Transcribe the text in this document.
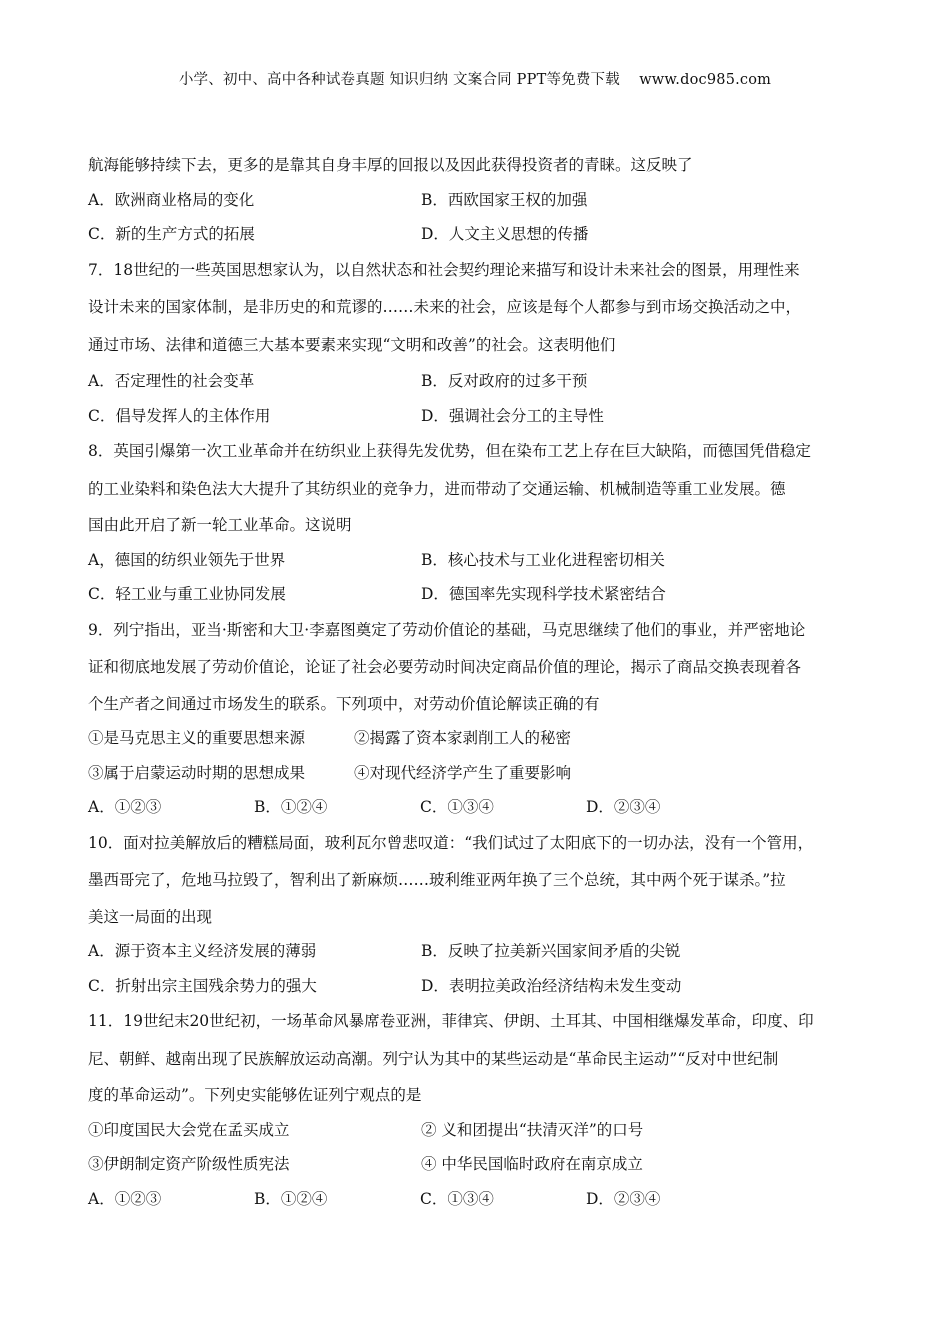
小学、初中、高中各种试卷真题 知识归纳 文案合同 PPT等免费下载    www.doc985.com
航海能够持续下去，更多的是靠其自身丰厚的回报以及因此获得投资者的青睐。这反映了
A．欧洲商业格局的变化	B．西欧国家王权的加强
C．新的生产方式的拓展	D．人文主义思想的传播
7．18世纪的一些英国思想家认为，以自然状态和社会契约理论来描写和设计未来社会的图景，用理性来
设计未来的国家体制，是非历史的和荒谬的……未来的社会，应该是每个人都参与到市场交换活动之中，
通过市场、法律和道德三大基本要素来实现“文明和改善”的社会。这表明他们
A．否定理性的社会变革	B．反对政府的过多干预
C．倡导发挥人的主体作用	D．强调社会分工的主导性
8．英国引爆第一次工业革命并在纺织业上获得先发优势，但在染布工艺上存在巨大缺陷，而德国凭借稳定
的工业染料和染色法大大提升了其纺织业的竞争力，进而带动了交通运输、机械制造等重工业发展。德
国由此开启了新一轮工业革命。这说明
A，德国的纺织业领先于世界	B．核心技术与工业化进程密切相关
C．轻工业与重工业协同发展	D．德国率先实现科学技术紧密结合
9．列宁指出，亚当·斯密和大卫·李嘉图奠定了劳动价值论的基础，马克思继续了他们的事业，并严密地论
证和彻底地发展了劳动价值论，论证了社会必要劳动时间决定商品价值的理论，揭示了商品交换表现着各
个生产者之间通过市场发生的联系。下列项中，对劳动价值论解读正确的有
①是马克思主义的重要思想来源	②揭露了资本家剥削工人的秘密
③属于启蒙运动时期的思想成果	④对现代经济学产生了重要影响
A．①②③	B．①②④	C．①③④	D．②③④
10．面对拉美解放后的糟糕局面，玻利瓦尔曾悲叹道：“我们试过了太阳底下的一切办法，没有一个管用，
墨西哥完了，危地马拉毁了，智利出了新麻烦……玻利维亚两年换了三个总统，其中两个死于谋杀。”拉
美这一局面的出现
A．源于资本主义经济发展的薄弱	B．反映了拉美新兴国家间矛盾的尖锐
C．折射出宗主国残余势力的强大	D．表明拉美政治经济结构未发生变动
11．19世纪末20世纪初，一场革命风暴席卷亚洲，菲律宾、伊朗、土耳其、中国相继爆发革命，印度、印
尼、朝鲜、越南出现了民族解放运动高潮。列宁认为其中的某些运动是“革命民主运动”“反对中世纪制
度的革命运动”。下列史实能够佐证列宁观点的是
①印度国民大会党在孟买成立	② 义和团提出“扶清灭洋”的口号
③伊朗制定资产阶级性质宪法	④ 中华民国临时政府在南京成立
A．①②③	B．①②④	C．①③④	D．②③④
